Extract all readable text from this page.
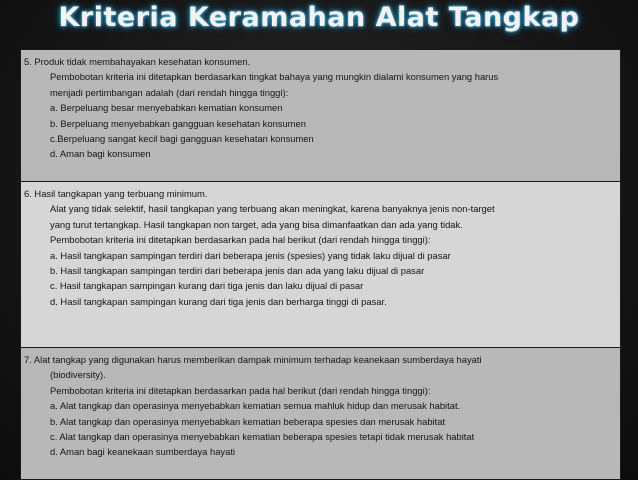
Kriteria Keramahan Alat Tangkap
5. Produk tidak membahayakan kesehatan konsumen.
Pembobotan kriteria ini ditetapkan berdasarkan tingkat bahaya yang mungkin dialami konsumen yang harus
menjadi pertimbangan adalah (dari rendah hingga tinggi):
a. Berpeluang besar menyebabkan kematian konsumen
b. Berpeluang menyebabkan gangguan kesehatan konsumen
c.Berpeluang sangat kecil bagi gangguan kesehatan konsumen
d. Aman bagi konsumen
6. Hasil tangkapan yang terbuang minimum.
Alat yang tidak selektif, hasil tangkapan yang terbuang akan meningkat, karena banyaknya jenis non-target
yang turut tertangkap. Hasil tangkapan non target, ada yang bisa dimanfaatkan dan ada yang tidak.
Pembobotan kriteria ini ditetapkan berdasarkan pada hal berikut (dari rendah hingga tinggi):
a. Hasil tangkapan sampingan terdiri dari beberapa jenis (spesies) yang tidak laku dijual di pasar
b. Hasil tangkapan sampingan terdiri dari beberapa jenis dan ada yang laku dijual di pasar
c. Hasil tangkapan sampingan kurang dari tiga jenis dan laku dijual di pasar
d. Hasil tangkapan sampingan kurang dari tiga jenis dan berharga tinggi di pasar.
7. Alat tangkap yang digunakan harus memberikan dampak minimum terhadap keanekaan sumberdaya hayati
(biodiversity).
Pembobotan kriteria ini ditetapkan berdasarkan pada hal berikut (dari rendah hingga tinggi):
a. Alat tangkap dan operasinya menyebabkan kematian semua mahluk hidup dan merusak habitat.
b. Alat tangkap dan operasinya menyebabkan kematian beberapa spesies dan merusak habitat
c. Alat tangkap dan operasinya menyebabkan kematian beberapa spesies tetapi tidak merusak habitat
d. Aman bagi keanekaan sumberdaya hayati
